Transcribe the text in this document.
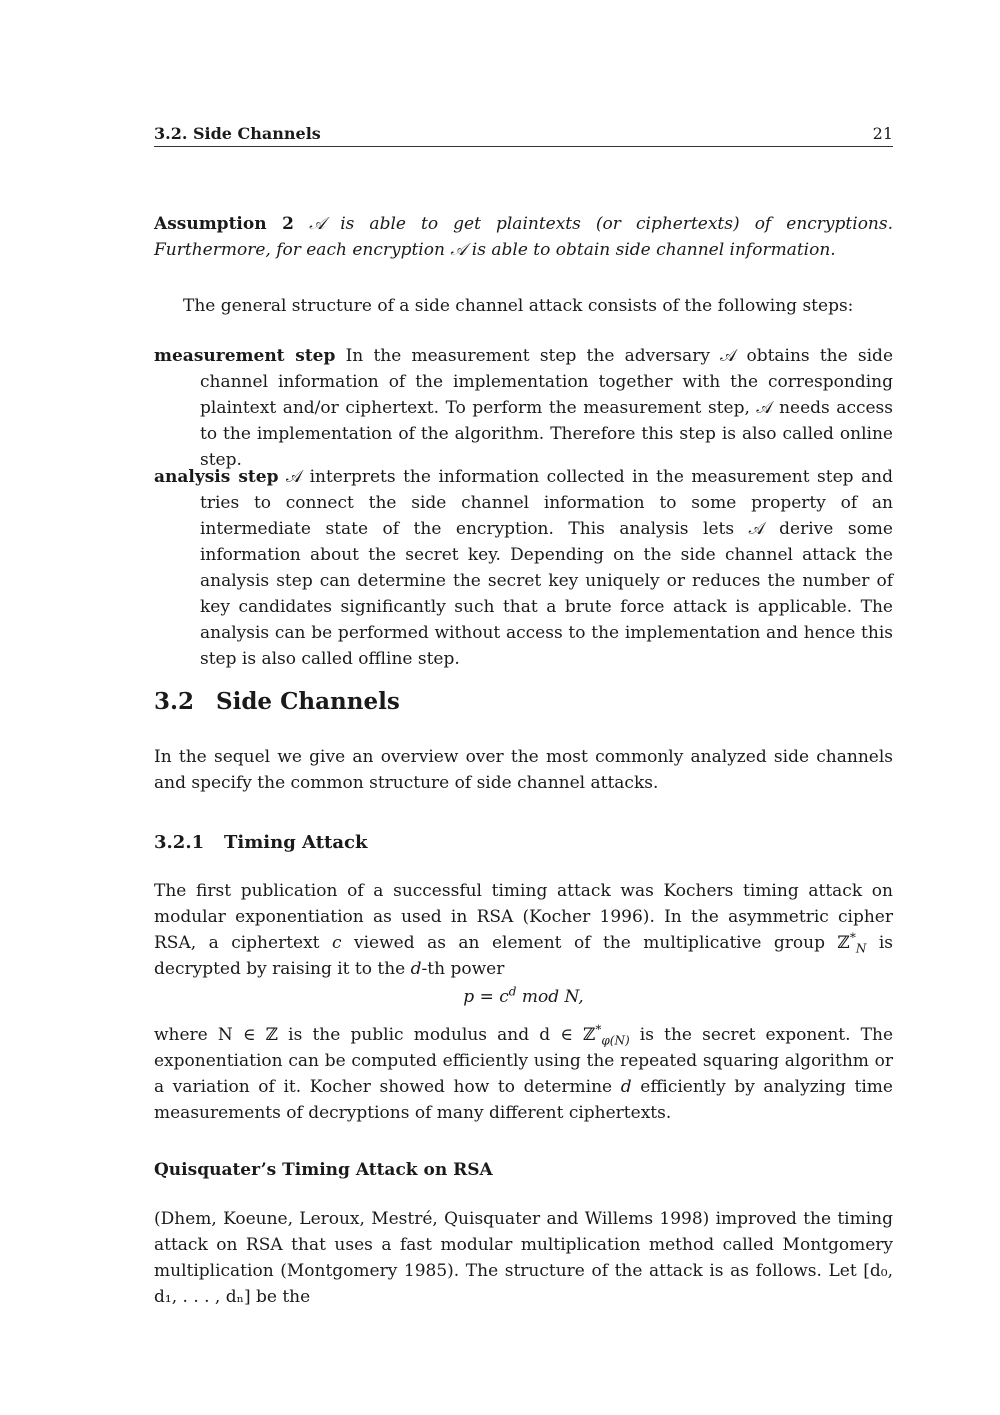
3.2. Side Channels	21
Assumption 2 𝒜 is able to get plaintexts (or ciphertexts) of encryptions. Furthermore, for each encryption 𝒜 is able to obtain side channel information.
The general structure of a side channel attack consists of the following steps:
measurement step In the measurement step the adversary 𝒜 obtains the side channel information of the implementation together with the corresponding plaintext and/or ciphertext. To perform the measurement step, 𝒜 needs access to the implementation of the algorithm. Therefore this step is also called online step.
analysis step 𝒜 interprets the information collected in the measurement step and tries to connect the side channel information to some property of an intermediate state of the encryption. This analysis lets 𝒜 derive some information about the secret key. Depending on the side channel attack the analysis step can determine the secret key uniquely or reduces the number of key candidates significantly such that a brute force attack is applicable. The analysis can be performed without access to the implementation and hence this step is also called offline step.
3.2 Side Channels
In the sequel we give an overview over the most commonly analyzed side channels and specify the common structure of side channel attacks.
3.2.1 Timing Attack
The first publication of a successful timing attack was Kochers timing attack on modular exponentiation as used in RSA (Kocher 1996). In the asymmetric cipher RSA, a ciphertext c viewed as an element of the multiplicative group ℤ*$_N$ is decrypted by raising it to the d-th power
$p = c^d$ mod N,
where N ∈ ℤ is the public modulus and d ∈ ℤ*$_{\varphi(N)}$ is the secret exponent. The exponentiation can be computed efficiently using the repeated squaring algorithm or a variation of it. Kocher showed how to determine d efficiently by analyzing time measurements of decryptions of many different ciphertexts.
Quisquater’s Timing Attack on RSA
(Dhem, Koeune, Leroux, Mestré, Quisquater and Willems 1998) improved the timing attack on RSA that uses a fast modular multiplication method called Montgomery multiplication (Montgomery 1985). The structure of the attack is as follows. Let [d₀, d₁, . . . , dₙ] be the
